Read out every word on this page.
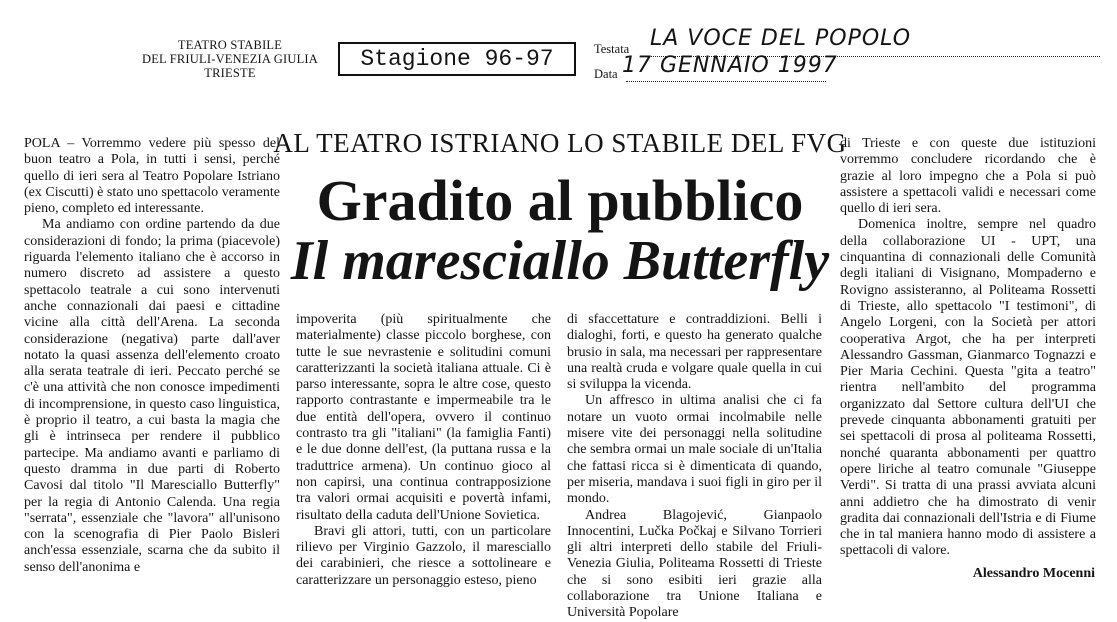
TEATRO STABILE
DEL FRIULI-VENEZIA GIULIA
TRIESTE
Stagione 96-97	Testata LA VOCE DEL POPOLO
Data 17 GENNAIO 1997
AL TEATRO ISTRIANO LO STABILE DEL FVG
Gradito al pubblico
Il maresciallo Butterfly

POLA – Vorremmo vedere più spesso del buon teatro a Pola, in tutti i sensi, perché quello di ieri sera al Teatro Popolare Istriano (ex Ciscutti) è stato uno spettacolo veramente pieno, completo ed interessante.

Ma andiamo con ordine partendo da due considerazioni di fondo; la prima (piacevole) riguarda l'elemento italiano che è accorso in numero discreto ad assistere a questo spettacolo teatrale a cui sono intervenuti anche connazionali dai paesi e cittadine vicine alla città dell'Arena. La seconda considerazione (negativa) parte dall'aver notato la quasi assenza dell'elemento croato alla serata teatrale di ieri. Peccato perché se c'è una attività che non conosce impedimenti di incomprensione, in questo caso linguistica, è proprio il teatro, a cui basta la magia che gli è intrinseca per rendere il pubblico partecipe. Ma andiamo avanti e parliamo di questo dramma in due parti di Roberto Cavosi dal titolo "Il Maresciallo Butterfly" per la regia di Antonio Calenda. Una regia "serrata", essenziale che "lavora" all'unisono con la scenografia di Pier Paolo Bisleri anch'essa essenziale, scarna che da subito il senso dell'anonima e

impoverita (più spiritualmente che materialmente) classe piccolo borghese, con tutte le sue nevrastenie e solitudini comuni caratterizzanti la società italiana attuale. Ci è parso interessante, sopra le altre cose, questo rapporto contrastante e impermeabile tra le due entità dell'opera, ovvero il continuo contrasto tra gli "italiani" (la famiglia Fanti) e le due donne dell'est, (la puttana russa e la traduttrice armena). Un continuo gioco al non capirsi, una continua contrapposizione tra valori ormai acquisiti e povertà infami, risultato della caduta dell'Unione Sovietica.

Bravi gli attori, tutti, con un particolare rilievo per Virginio Gazzolo, il maresciallo dei carabinieri, che riesce a sottolineare e caratterizzare un personaggio esteso, pieno

di sfaccettature e contraddizioni. Belli i dialoghi, forti, e questo ha generato qualche brusio in sala, ma necessari per rappresentare una realtà cruda e volgare quale quella in cui si sviluppa la vicenda.

Un affresco in ultima analisi che ci fa notare un vuoto ormai incolmabile nelle misere vite dei personaggi nella solitudine che sembra ormai un male sociale di un'Italia che fattasi ricca si è dimenticata di quando, per miseria, mandava i suoi figli in giro per il mondo.

Andrea Blagojević, Gianpaolo Innocentini, Lučka Počkaj e Silvano Torrieri gli altri interpreti dello stabile del Friuli-Venezia Giulia, Politeama Rossetti di Trieste che si sono esibiti ieri grazie alla collaborazione tra Unione Italiana e Università Popolare

di Trieste e con queste due istituzioni vorremmo concludere ricordando che è grazie al loro impegno che a Pola si può assistere a spettacoli validi e necessari come quello di ieri sera.

Domenica inoltre, sempre nel quadro della collaborazione UI - UPT, una cinquantina di connazionali delle Comunità degli italiani di Visignano, Mompaderno e Rovigno assisteranno, al Politeama Rossetti di Trieste, allo spettacolo "I testimoni", di Angelo Lorgeni, con la Società per attori cooperativa Argot, che ha per interpreti Alessandro Gassman, Gianmarco Tognazzi e Pier Maria Cechini. Questa "gita a teatro" rientra nell'ambito del programma organizzato dal Settore cultura dell'UI che prevede cinquanta abbonamenti gratuiti per sei spettacoli di prosa al politeama Rossetti, nonché quaranta abbonamenti per quattro opere liriche al teatro comunale "Giuseppe Verdi". Si tratta di una prassi avviata alcuni anni addietro che ha dimostrato di venir gradita dai connazionali dell'Istria e di Fiume che in tal maniera hanno modo di assistere a spettacoli di valore.

Alessandro Mocenni
